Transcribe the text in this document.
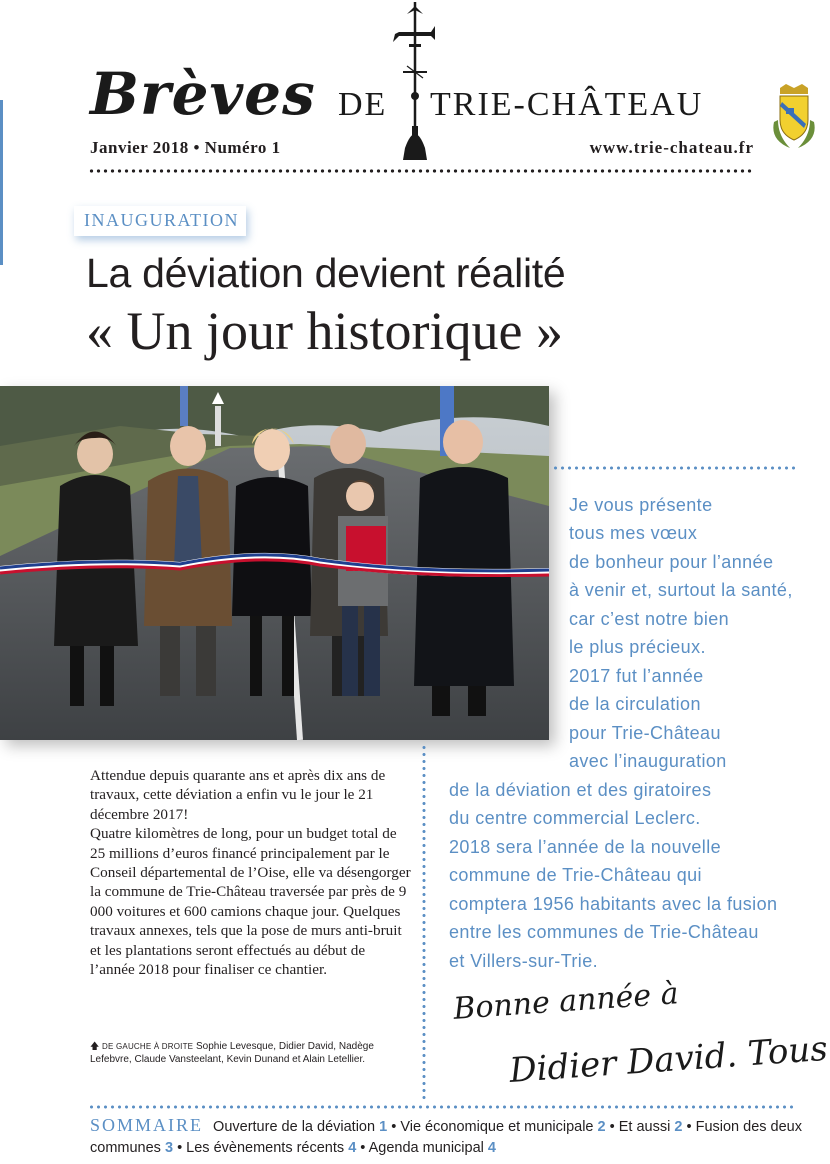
Brèves DE TRIE-CHÂTEAU
Janvier 2018 • Numéro 1	www.trie-chateau.fr
INAUGURATION
La déviation devient réalité
« Un jour historique »
Je vous présente
tous mes vœux
de bonheur pour l’année
à venir et, surtout la santé,
car c’est notre bien
le plus précieux.
2017 fut l’année
de la circulation
pour Trie-Château
avec l’inauguration
de la déviation et des giratoires
du centre commercial Leclerc.
2018 sera l’année de la nouvelle
commune de Trie-Château qui
comptera 1956 habitants avec la fusion
entre les communes de Trie-Château
et Villers-sur-Trie.
Bonne année à
Didier David. Tous
Attendue depuis quarante ans et après dix ans de travaux, cette déviation a enfin vu le jour le 21 décembre 2017!
Quatre kilomètres de long, pour un budget total de 25 millions d’euros financé principalement par le Conseil départemental de l’Oise, elle va désengorger la commune de Trie-Château traversée par près de 9 000 voitures et 600 camions chaque jour. Quelques travaux annexes, tels que la pose de murs anti-bruit et les plantations seront effectués au début de l’année 2018 pour finaliser ce chantier.
🡅 DE GAUCHE À DROITE Sophie Levesque, Didier David, Nadège Lefebvre, Claude Vansteelant, Kevin Dunand et Alain Letellier.
SOMMAIRE Ouverture de la déviation 1 • Vie économique et municipale 2 • Et aussi 2 • Fusion des deux communes 3 • Les évènements récents 4 • Agenda municipal 4
